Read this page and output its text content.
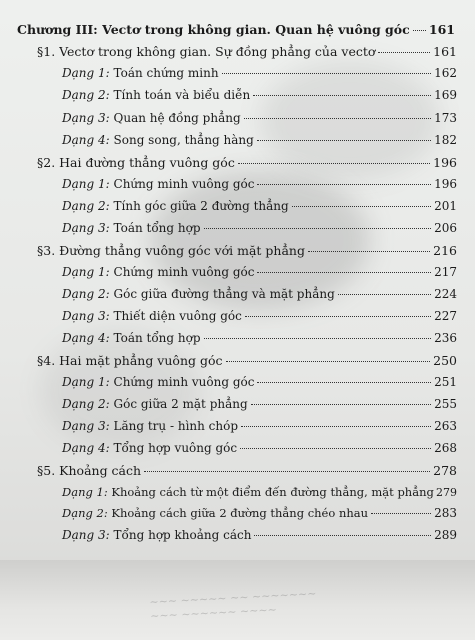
~~~ ~~~~~ ~~ ~~~~~~~
~~~ ~~~~~~ ~~~~
Chương III: Vectơ trong không gian. Quan hệ vuông góc 161
§1. Vectơ trong không gian. Sự đồng phẳng của vectơ	161
Dạng 1: Toán chứng minh	162
Dạng 2: Tính toán và biểu diễn	169
Dạng 3: Quan hệ đồng phẳng	173
Dạng 4: Song song, thẳng hàng	182
§2. Hai đường thẳng vuông góc	196
Dạng 1: Chứng minh vuông góc	196
Dạng 2: Tính góc giữa 2 đường thẳng	201
Dạng 3: Toán tổng hợp	206
§3. Đường thẳng vuông góc với mặt phẳng	216
Dạng 1: Chứng minh vuông góc	217
Dạng 2: Góc giữa đường thẳng và mặt phẳng	224
Dạng 3: Thiết diện vuông góc	227
Dạng 4: Toán tổng hợp	236
§4. Hai mặt phẳng vuông góc	250
Dạng 1: Chứng minh vuông góc	251
Dạng 2: Góc giữa 2 mặt phẳng	255
Dạng 3: Lăng trụ - hình chóp	263
Dạng 4: Tổng hợp vuông góc	268
§5. Khoảng cách	278
Dạng 1: Khoảng cách từ một điểm đến đường thẳng, mặt phẳng 279
Dạng 2: Khoảng cách giữa 2 đường thẳng chéo nhau	283
Dạng 3: Tổng hợp khoảng cách	289
